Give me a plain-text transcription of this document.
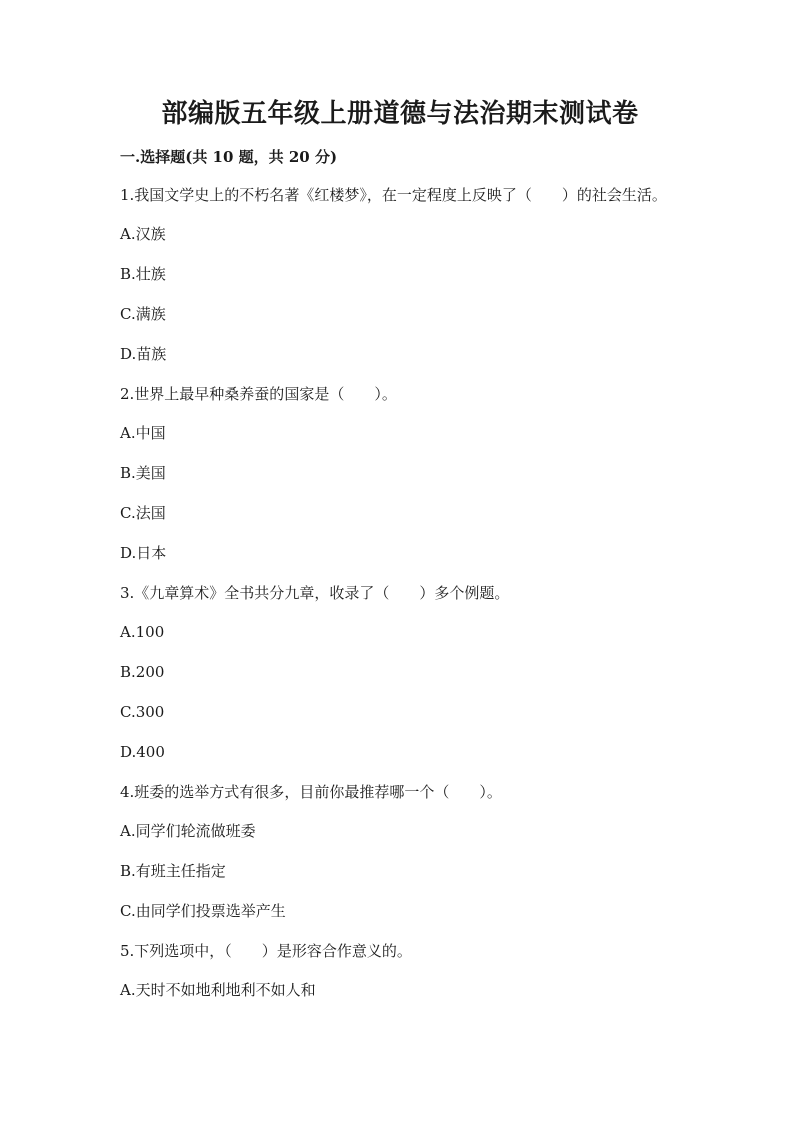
部编版五年级上册道德与法治期末测试卷
一.选择题(共 10 题，共 20 分)
1.我国文学史上的不朽名著《红楼梦》，在一定程度上反映了（　　）的社会生活。
A.汉族
B.壮族
C.满族
D.苗族
2.世界上最早种桑养蚕的国家是（　　）。
A.中国
B.美国
C.法国
D.日本
3.《九章算术》全书共分九章，收录了（　　）多个例题。
A.100
B.200
C.300
D.400
4.班委的选举方式有很多，目前你最推荐哪一个（　　）。
A.同学们轮流做班委
B.有班主任指定
C.由同学们投票选举产生
5.下列选项中，（　　）是形容合作意义的。
A.天时不如地利地利不如人和
